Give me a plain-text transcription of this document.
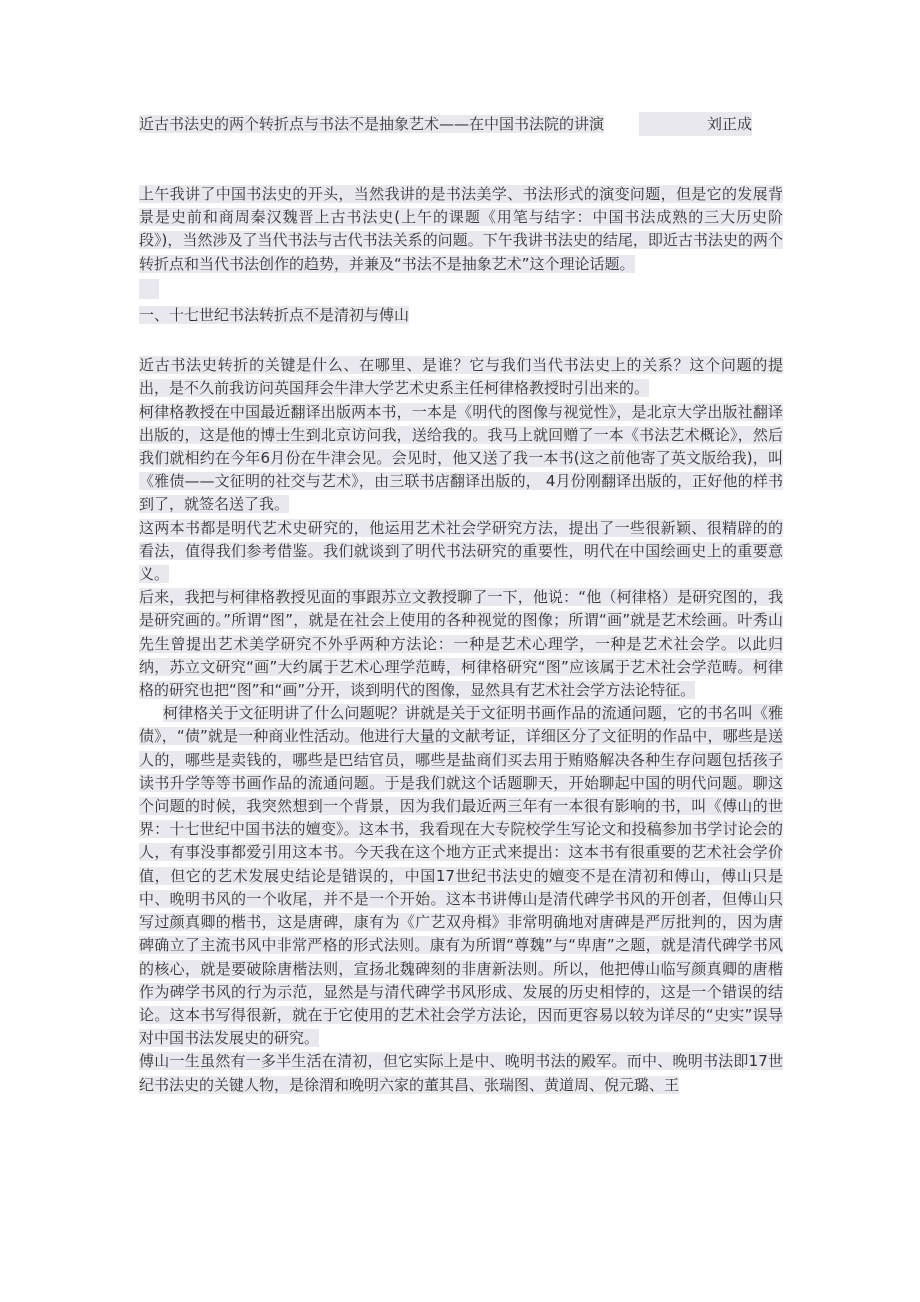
近古书法史的两个转折点与书法不是抽象艺术——在中国书法院的讲演	刘正成

上午我讲了中国书法史的开头，当然我讲的是书法美学、书法形式的演变问题，但是它的发展背景是史前和商周秦汉魏晋上古书法史(上午的课题《用笔与结字：中国书法成熟的三大历史阶段》)，当然涉及了当代书法与古代书法关系的问题。下午我讲书法史的结尾，即近古书法史的两个转折点和当代书法创作的趋势，并兼及“书法不是抽象艺术”这个理论话题。

一、十七世纪书法转折点不是清初与傅山

近古书法史转折的关键是什么、在哪里、是谁？它与我们当代书法史上的关系？这个问题的提出，是不久前我访问英国拜会牛津大学艺术史系主任柯律格教授时引出来的。

柯律格教授在中国最近翻译出版两本书，一本是《明代的图像与视觉性》，是北京大学出版社翻译出版的，这是他的博士生到北京访问我，送给我的。我马上就回赠了一本《书法艺术概论》，然后我们就相约在今年6月份在牛津会见。会见时，他又送了我一本书(这之前他寄了英文版给我)，叫《雅债——文征明的社交与艺术》，由三联书店翻译出版的， 4月份刚翻译出版的，正好他的样书到了，就签名送了我。

这两本书都是明代艺术史研究的，他运用艺术社会学研究方法，提出了一些很新颖、很精辟的的看法，值得我们参考借鉴。我们就谈到了明代书法研究的重要性，明代在中国绘画史上的重要意义。

后来，我把与柯律格教授见面的事跟苏立文教授聊了一下，他说：“他（柯律格）是研究图的，我是研究画的。”所谓“图”，就是在社会上使用的各种视觉的图像；所谓“画”就是艺术绘画。叶秀山先生曾提出艺术美学研究不外乎两种方法论：一种是艺术心理学，一种是艺术社会学。以此归纳，苏立文研究“画”大约属于艺术心理学范畴，柯律格研究“图”应该属于艺术社会学范畴。柯律格的研究也把“图”和“画”分开，谈到明代的图像，显然具有艺术社会学方法论特征。

柯律格关于文征明讲了什么问题呢？讲就是关于文征明书画作品的流通问题，它的书名叫《雅债》，“债”就是一种商业性活动。他进行大量的文献考证，详细区分了文征明的作品中，哪些是送人的，哪些是卖钱的，哪些是巴结官员，哪些是盐商们买去用于贿赂解决各种生存问题包括孩子读书升学等等书画作品的流通问题。于是我们就这个话题聊天，开始聊起中国的明代问题。聊这个问题的时候，我突然想到一个背景，因为我们最近两三年有一本很有影响的书，叫《傅山的世界：十七世纪中国书法的嬗变》。这本书，我看现在大专院校学生写论文和投稿参加书学讨论会的人，有事没事都爱引用这本书。今天我在这个地方正式来提出：这本书有很重要的艺术社会学价值，但它的艺术发展史结论是错误的，中国17世纪书法史的嬗变不是在清初和傅山，傅山只是中、晚明书风的一个收尾，并不是一个开始。这本书讲傅山是清代碑学书风的开创者，但傅山只写过颜真卿的楷书，这是唐碑，康有为《广艺双舟楫》非常明确地对唐碑是严厉批判的，因为唐碑确立了主流书风中非常严格的形式法则。康有为所谓“尊魏”与“卑唐”之题，就是清代碑学书风的核心，就是要破除唐楷法则，宣扬北魏碑刻的非唐新法则。所以，他把傅山临写颜真卿的唐楷作为碑学书风的行为示范，显然是与清代碑学书风形成、发展的历史相悖的，这是一个错误的结论。这本书写得很新，就在于它使用的艺术社会学方法论，因而更容易以较为详尽的“史实”误导对中国书法发展史的研究。

傅山一生虽然有一多半生活在清初，但它实际上是中、晚明书法的殿军。而中、晚明书法即17世纪书法史的关键人物，是徐渭和晚明六家的董其昌、张瑞图、黄道周、倪元璐、王
